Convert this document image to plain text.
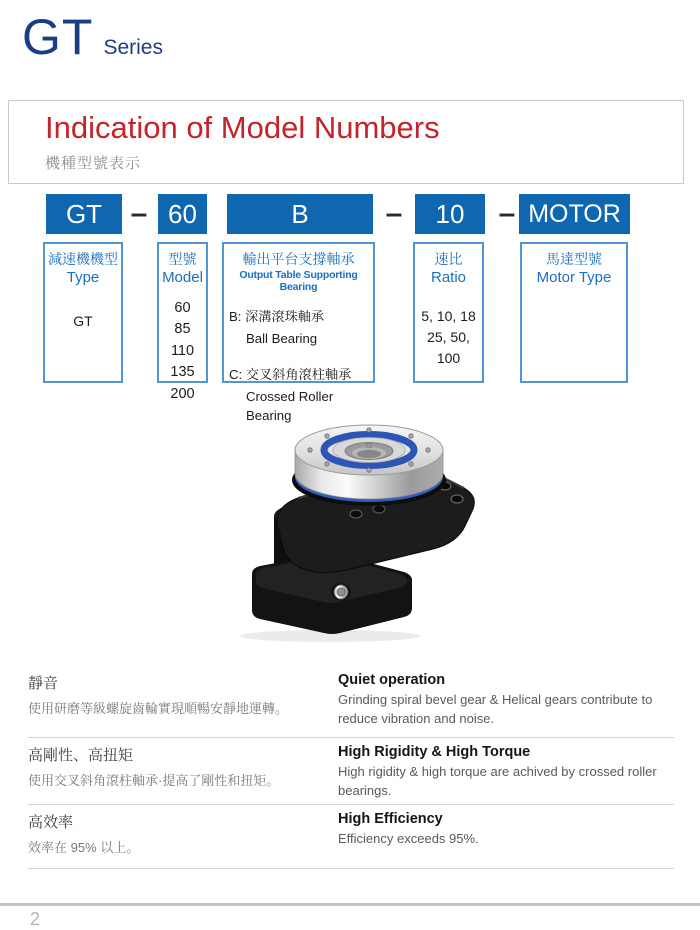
GT Series
Indication of Model Numbers
機種型號表示
GT – 60	B	–	10	– MOTOR
減速機機型
Type
GT
型號
Model
60
85
110
135
200
輸出平台支撐軸承
Output Table Supporting Bearing
B: 深溝滾珠軸承
Ball Bearing
C: 交叉斜角滾柱軸承
Crossed Roller Bearing
速比
Ratio
5, 10, 18
25, 50, 100
馬達型號
Motor Type
靜音
使用研磨等級螺旋齒輪實現順暢安靜地運轉。
Quiet operation
Grinding spiral bevel gear & Helical gears contribute to reduce vibration and noise.
高剛性、高扭矩
使用交叉斜角滾柱軸承·提高了剛性和扭矩。
High Rigidity & High Torque
High rigidity & high torque are achived by crossed roller bearings.
高效率
效率在 95% 以上。
High Efficiency
Efficiency exceeds 95%.
2
